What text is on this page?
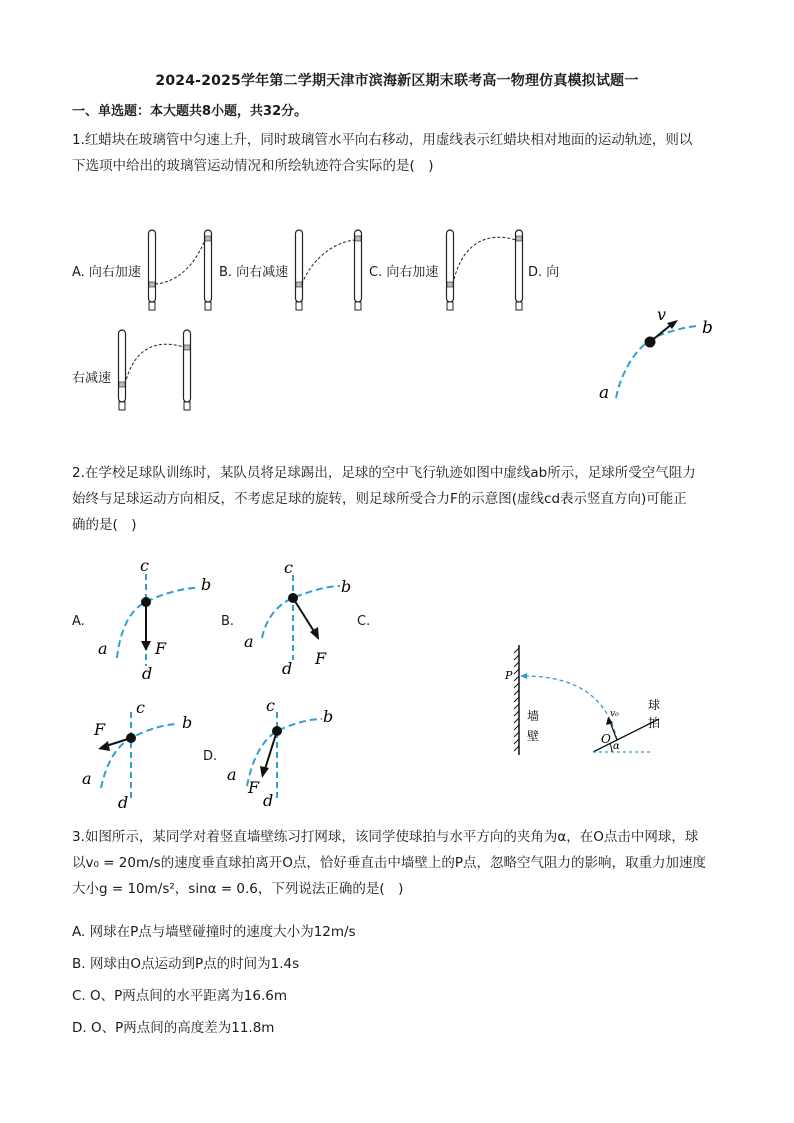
2024-2025学年第二学期天津市滨海新区期末联考高一物理仿真模拟试题一
一、单选题：本大题共8小题，共32分。
1.红蜡块在玻璃管中匀速上升，同时玻璃管水平向右移动，用虚线表示红蜡块相对地面的运动轨迹，则以
下选项中给出的玻璃管运动情况和所绘轨迹符合实际的是(　)
A. 向右加速	B. 向右减速	C. 向右加速	D. 向
右减速
v
b
a
2.在学校足球队训练时，某队员将足球踢出，足球的空中飞行轨迹如图中虚线ab所示，足球所受空气阻力
始终与足球运动方向相反，不考虑足球的旋转，则足球所受合力F的示意图(虚线cd表示竖直方向)可能正
确的是(　)
A.	B.	C.
D.
c
b
a	F
d
c
b
a
F
d
c
b
F
a
d
c
b
a
F
d
P
墙
壁
球
拍
v₀
O
α
3.如图所示，某同学对着竖直墙壁练习打网球，该同学使球拍与水平方向的夹角为α，在O点击中网球，球
以v₀ = 20m/s的速度垂直球拍离开O点，恰好垂直击中墙壁上的P点，忽略空气阻力的影响，取重力加速度
大小g = 10m/s²，sinα = 0.6，下列说法正确的是(　)
A. 网球在P点与墙壁碰撞时的速度大小为12m/s
B. 网球由O点运动到P点的时间为1.4s
C. O、P两点间的水平距离为16.6m
D. O、P两点间的高度差为11.8m
